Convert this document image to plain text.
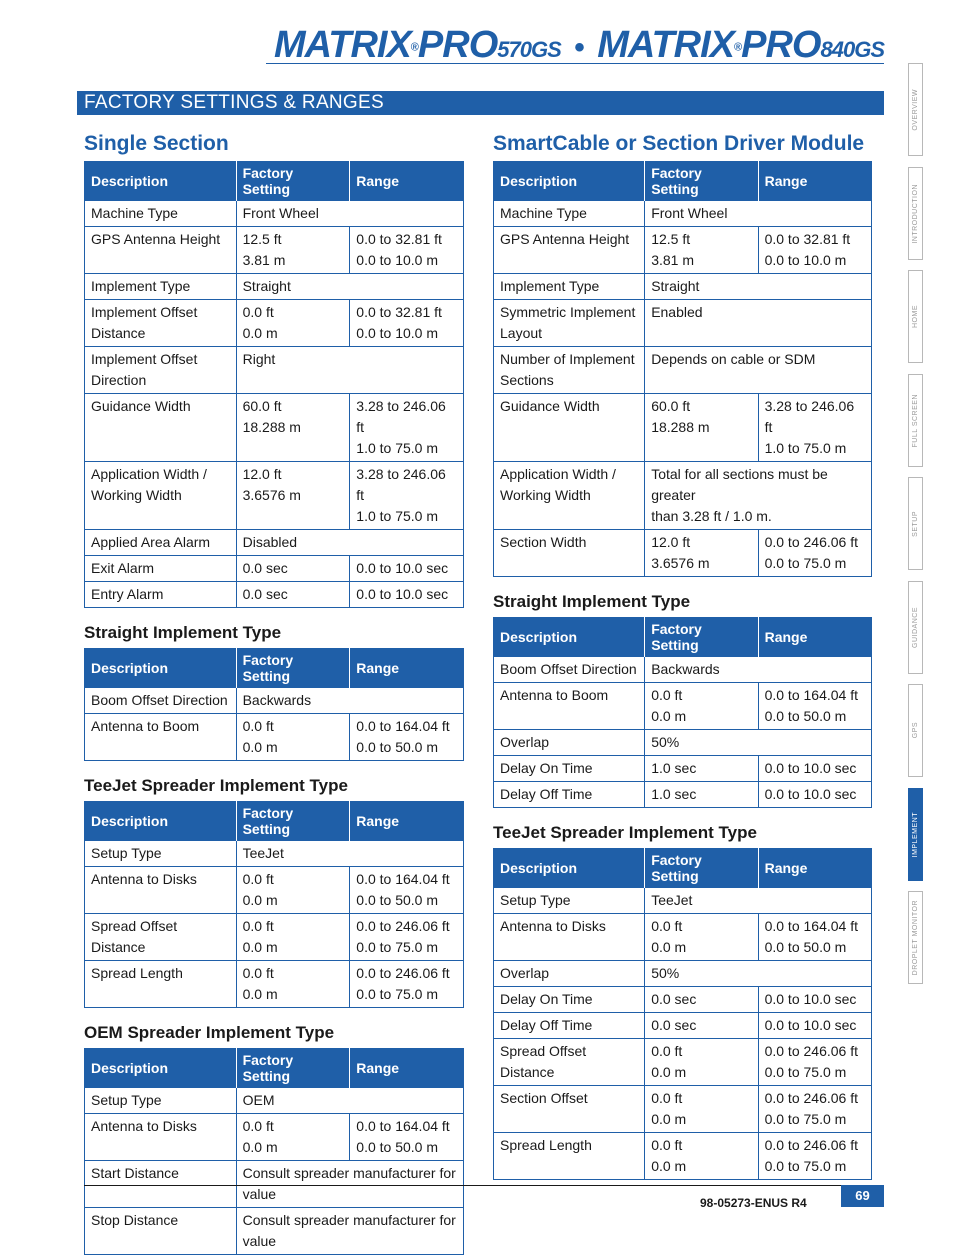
MATRIX®PRO570GS • MATRIX®PRO840GS
FACTORY SETTINGS & RANGES
Single Section
Description	Factory Setting	Range

Machine Type	Front Wheel	

GPS Antenna Height	12.5 ft
3.81 m	0.0 to 32.81 ft
0.0 to 10.0 m

Implement Type	Straight	

Implement Offset
Distance	0.0 ft
0.0 m	0.0 to 32.81 ft
0.0 to 10.0 m

Implement Offset
Direction	Right	

Guidance Width	60.0 ft
18.288 m	3.28 to 246.06 ft
1.0 to 75.0 m

Application Width /
Working Width	12.0 ft
3.6576 m	3.28 to 246.06 ft
1.0 to 75.0 m

Applied Area Alarm	Disabled	

Exit Alarm	0.0 sec	0.0 to 10.0 sec

Entry Alarm	0.0 sec	0.0 to 10.0 sec
Straight Implement Type
Description	Factory Setting	Range

Boom Offset Direction	Backwards	

Antenna to Boom	0.0 ft
0.0 m	0.0 to 164.04 ft
0.0 to 50.0 m
TeeJet Spreader Implement Type
Description	Factory Setting	Range

Setup Type	TeeJet	

Antenna to Disks	0.0 ft
0.0 m	0.0 to 164.04 ft
0.0 to 50.0 m

Spread Offset Distance	0.0 ft
0.0 m	0.0 to 246.06 ft
0.0 to 75.0 m

Spread Length	0.0 ft
0.0 m	0.0 to 246.06 ft
0.0 to 75.0 m
OEM Spreader Implement Type
Description	Factory Setting	Range

Setup Type	OEM	

Antenna to Disks	0.0 ft
0.0 m	0.0 to 164.04 ft
0.0 to 50.0 m

Start Distance	Consult spreader manufacturer for
value	

Stop Distance	Consult spreader manufacturer for
value	
SmartCable or Section Driver Module
Description	Factory Setting	Range

Machine Type	Front Wheel	

GPS Antenna Height	12.5 ft
3.81 m	0.0 to 32.81 ft
0.0 to 10.0 m

Implement Type	Straight	

Symmetric Implement
Layout	Enabled	

Number of Implement
Sections	Depends on cable or SDM	

Guidance Width	60.0 ft
18.288 m	3.28 to 246.06 ft
1.0 to 75.0 m

Application Width /
Working Width	Total for all sections must be greater
than 3.28 ft / 1.0 m.	

Section Width	12.0 ft
3.6576 m	0.0 to 246.06 ft
0.0 to 75.0 m
Straight Implement Type
Description	Factory Setting	Range

Boom Offset Direction	Backwards	

Antenna to Boom	0.0 ft
0.0 m	0.0 to 164.04 ft
0.0 to 50.0 m

Overlap	50%	

Delay On Time	1.0 sec	0.0 to 10.0 sec

Delay Off Time	1.0 sec	0.0 to 10.0 sec
TeeJet Spreader Implement Type
Description	Factory Setting	Range

Setup Type	TeeJet	

Antenna to Disks	0.0 ft
0.0 m	0.0 to 164.04 ft
0.0 to 50.0 m

Overlap	50%	

Delay On Time	0.0 sec	0.0 to 10.0 sec

Delay Off Time	0.0 sec	0.0 to 10.0 sec

Spread Offset Distance	0.0 ft
0.0 m	0.0 to 246.06 ft
0.0 to 75.0 m

Section Offset	0.0 ft
0.0 m	0.0 to 246.06 ft
0.0 to 75.0 m

Spread Length	0.0 ft
0.0 m	0.0 to 246.06 ft
0.0 to 75.0 m
OVERVIEW
INTRODUCTION
HOME
FULL SCREEN
SETUP
GUIDANCE
GPS
IMPLEMENT
DROPLET MONITOR
98-05273-ENUS R4	69
